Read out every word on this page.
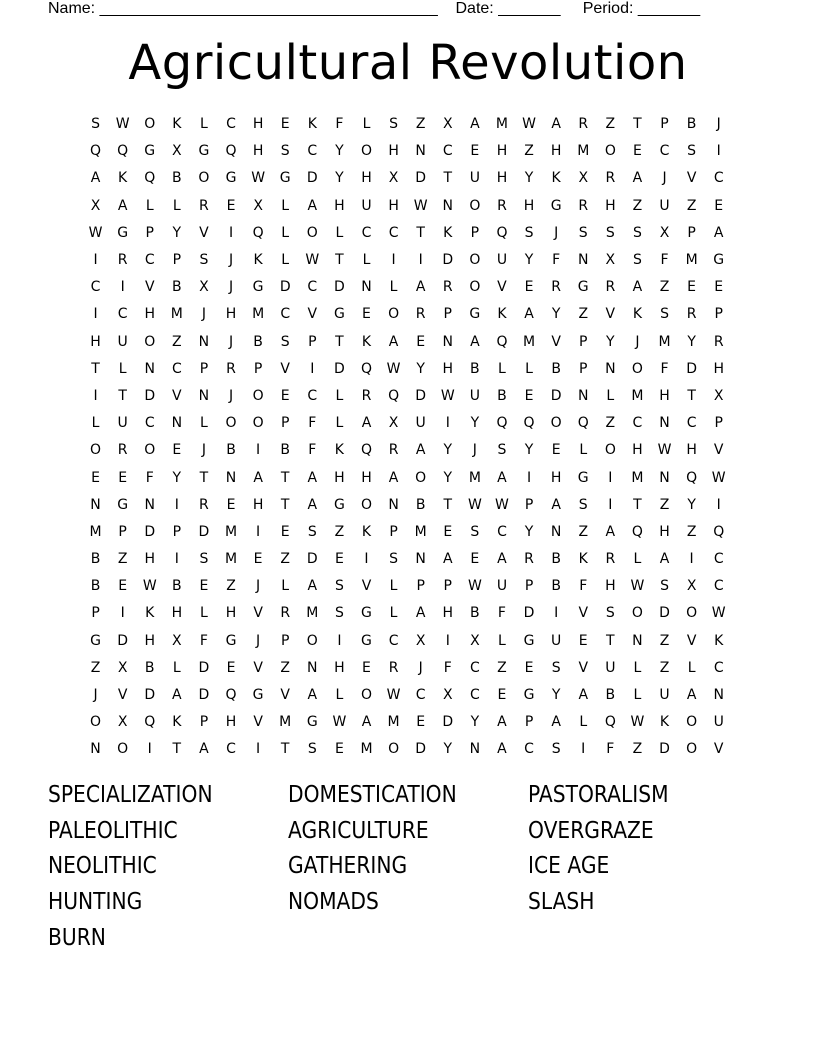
Name: ______________________________________ Date: _______ Period: _______
Agricultural Revolution
S	W	O	K	L	C	H	E	K	F	L	S	Z	X	A	M	W	A	R	Z	T	P	B	J
Q	Q	G	X	G	Q	H	S	C	Y	O	H	N	C	E	H	Z	H	M	O	E	C	S	I
A	K	Q	B	O	G	W	G	D	Y	H	X	D	T	U	H	Y	K	X	R	A	J	V	C
X	A	L	L	R	E	X	L	A	H	U	H	W	N	O	R	H	G	R	H	Z	U	Z	E
W	G	P	Y	V	I	Q	L	O	L	C	C	T	K	P	Q	S	J	S	S	S	X	P	A
I	R	C	P	S	J	K	L	W	T	L	I	I	D	O	U	Y	F	N	X	S	F	M	G
C	I	V	B	X	J	G	D	C	D	N	L	A	R	O	V	E	R	G	R	A	Z	E	E
I	C	H	M	J	H	M	C	V	G	E	O	R	P	G	K	A	Y	Z	V	K	S	R	P
H	U	O	Z	N	J	B	S	P	T	K	A	E	N	A	Q	M	V	P	Y	J	M	Y	R
T	L	N	C	P	R	P	V	I	D	Q	W	Y	H	B	L	L	B	P	N	O	F	D	H
I	T	D	V	N	J	O	E	C	L	R	Q	D	W	U	B	E	D	N	L	M	H	T	X
L	U	C	N	L	O	O	P	F	L	A	X	U	I	Y	Q	Q	O	Q	Z	C	N	C	P
O	R	O	E	J	B	I	B	F	K	Q	R	A	Y	J	S	Y	E	L	O	H	W	H	V
E	E	F	Y	T	N	A	T	A	H	H	A	O	Y	M	A	I	H	G	I	M	N	Q	W
N	G	N	I	R	E	H	T	A	G	O	N	B	T	W W	P	A	S	I	T	Z	Y	I
M	P	D	P	D	M	I	E	S	Z	K	P	M	E	S	C	Y	N	Z	A	Q	H	Z	Q
B	Z	H	I	S	M	E	Z	D	E	I	S	N	A	E	A	R	B	K	R	L	A	I	C
B	E	W	B	E	Z	J	L	A	S	V	L	P	P	W	U	P	B	F	H	W	S	X	C
P	I	K	H	L	H	V	R	M	S	G	L	A	H	B	F	D	I	V	S	O	D	O	W
G	D	H	X	F	G	J	P	O	I	G	C	X	I	X	L	G	U	E	T	N	Z	V	K
Z	X	B	L	D	E	V	Z	N	H	E	R	J	F	C	Z	E	S	V	U	L	Z	L	C
J	V	D	A	D	Q	G	V	A	L	O	W	C	X	C	E	G	Y	A	B	L	U	A	N
O	X	Q	K	P	H	V	M	G	W	A	M	E	D	Y	A	P	A	L	Q	W	K	O	U
N	O	I	T	A	C	I	T	S	E	M	O	D	Y	N	A	C	S	I	F	Z	D	O	V
SPECIALIZATION	DOMESTICATION	PASTORALISM
PALEOLITHIC	AGRICULTURE	OVERGRAZE
NEOLITHIC	GATHERING	ICE AGE
HUNTING	NOMADS	SLASH
BURN
